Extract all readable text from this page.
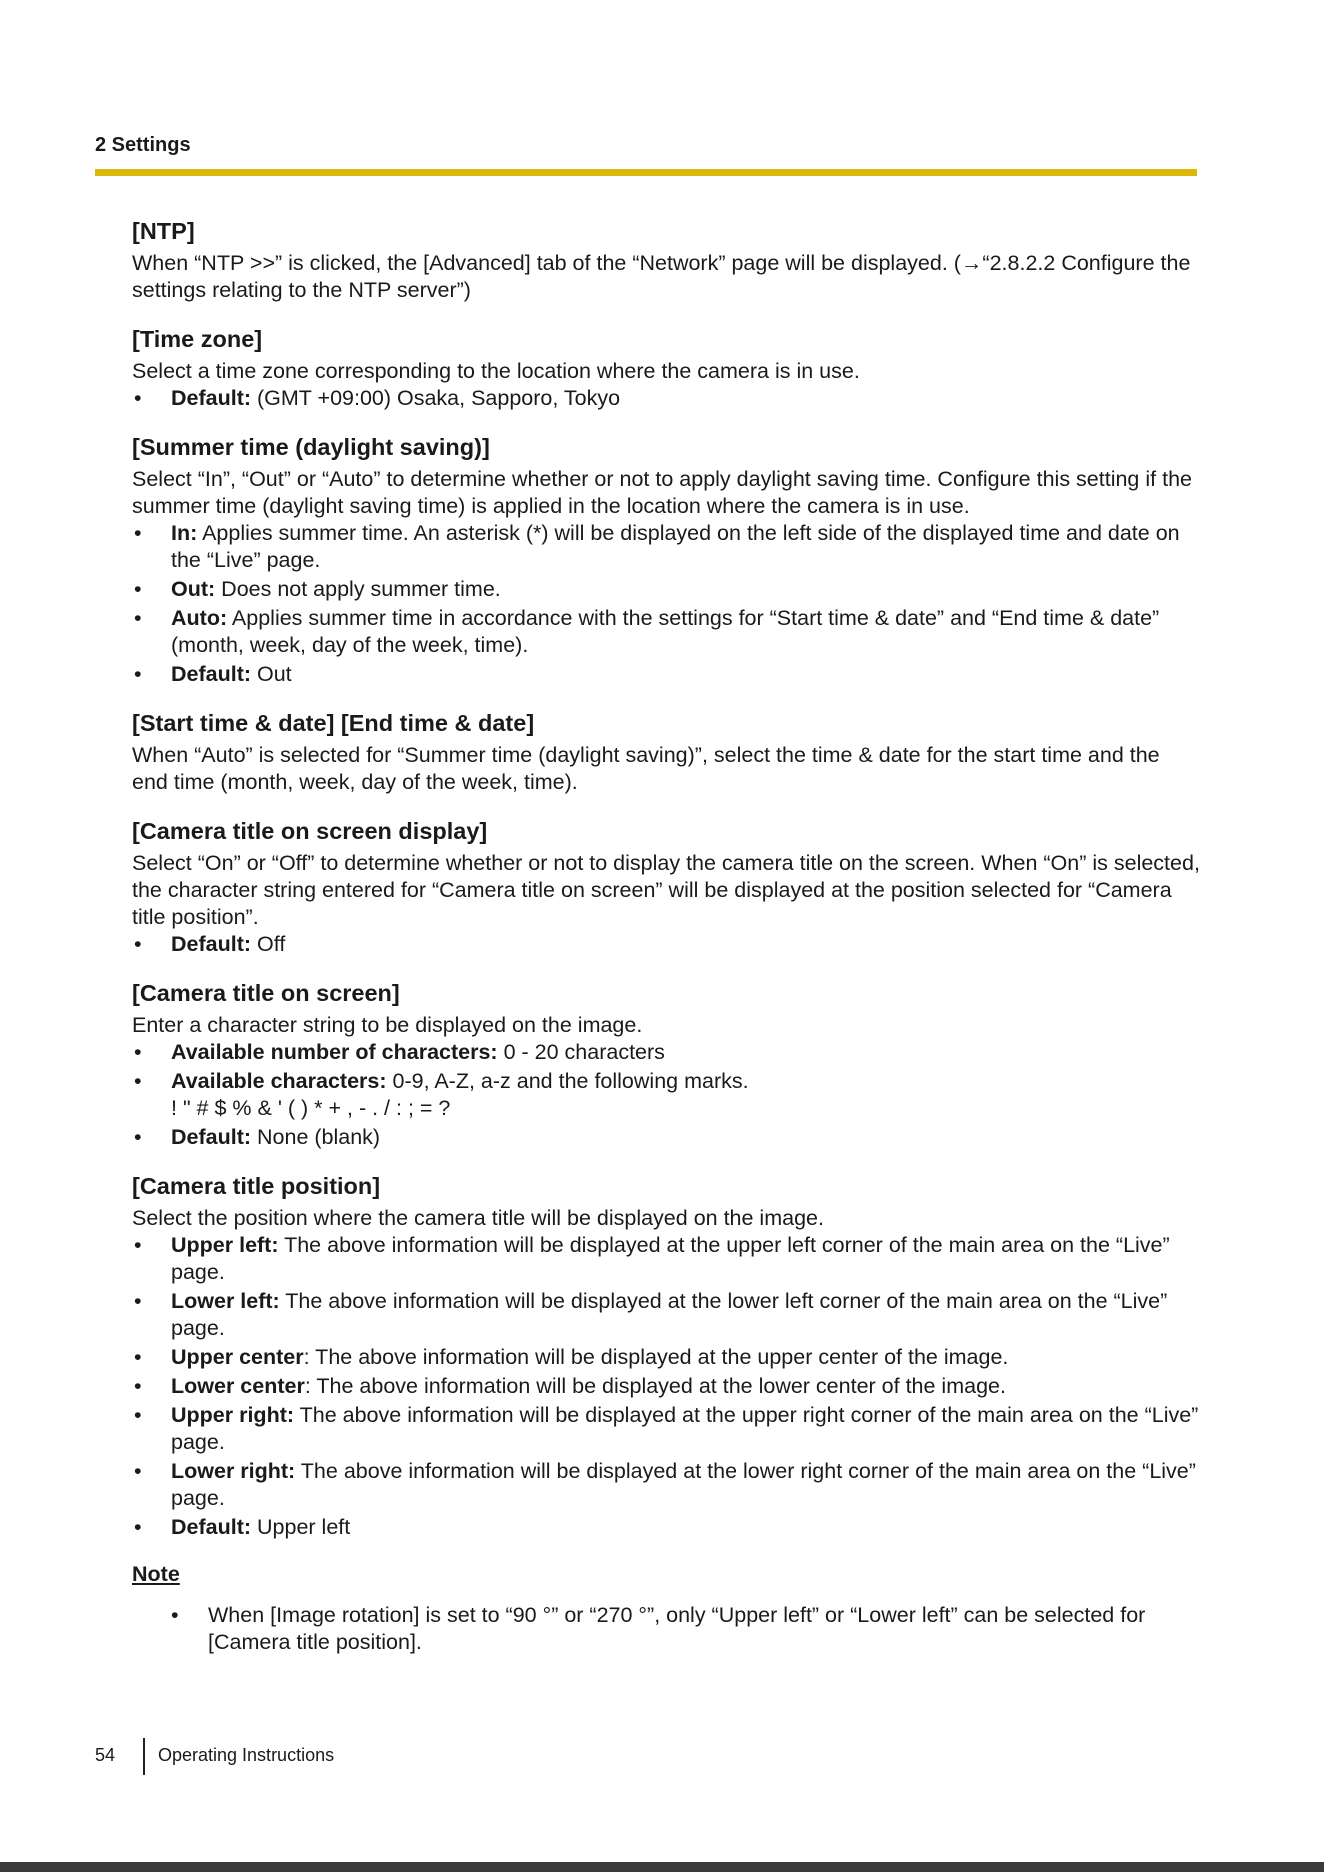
2 Settings
[NTP]

When “NTP >>” is clicked, the [Advanced] tab of the “Network” page will be displayed. (→“2.8.2.2 Configure the settings relating to the NTP server”)

[Time zone]

Select a time zone corresponding to the location where the camera is in use.

• Default: (GMT +09:00) Osaka, Sapporo, Tokyo
[Summer time (daylight saving)]

Select “In”, “Out” or “Auto” to determine whether or not to apply daylight saving time. Configure this setting if the summer time (daylight saving time) is applied in the location where the camera is in use.

• In: Applies summer time. An asterisk (*) will be displayed on the left side of the displayed time and date on the “Live” page.
• Out: Does not apply summer time.
• Auto: Applies summer time in accordance with the settings for “Start time & date” and “End time & date” (month, week, day of the week, time).
• Default: Out
[Start time & date] [End time & date]

When “Auto” is selected for “Summer time (daylight saving)”, select the time & date for the start time and the end time (month, week, day of the week, time).

[Camera title on screen display]

Select “On” or “Off” to determine whether or not to display the camera title on the screen. When “On” is selected, the character string entered for “Camera title on screen” will be displayed at the position selected for “Camera title position”.

• Default: Off
[Camera title on screen]

Enter a character string to be displayed on the image.

• Available number of characters: 0 - 20 characters
• Available characters: 0-9, A-Z, a-z and the following marks.
! " # $ % & ' ( ) * + , - . / : ; = ?
• Default: None (blank)
[Camera title position]

Select the position where the camera title will be displayed on the image.

• Upper left: The above information will be displayed at the upper left corner of the main area on the “Live” page.
• Lower left: The above information will be displayed at the lower left corner of the main area on the “Live” page.
• Upper center: The above information will be displayed at the upper center of the image.
• Lower center: The above information will be displayed at the lower center of the image.
• Upper right: The above information will be displayed at the upper right corner of the main area on the “Live” page.
• Lower right: The above information will be displayed at the lower right corner of the main area on the “Live” page.
• Default: Upper left
Note
• When [Image rotation] is set to “90 °” or “270 °”, only “Upper left” or “Lower left” can be selected for [Camera title position].
54 Operating Instructions
